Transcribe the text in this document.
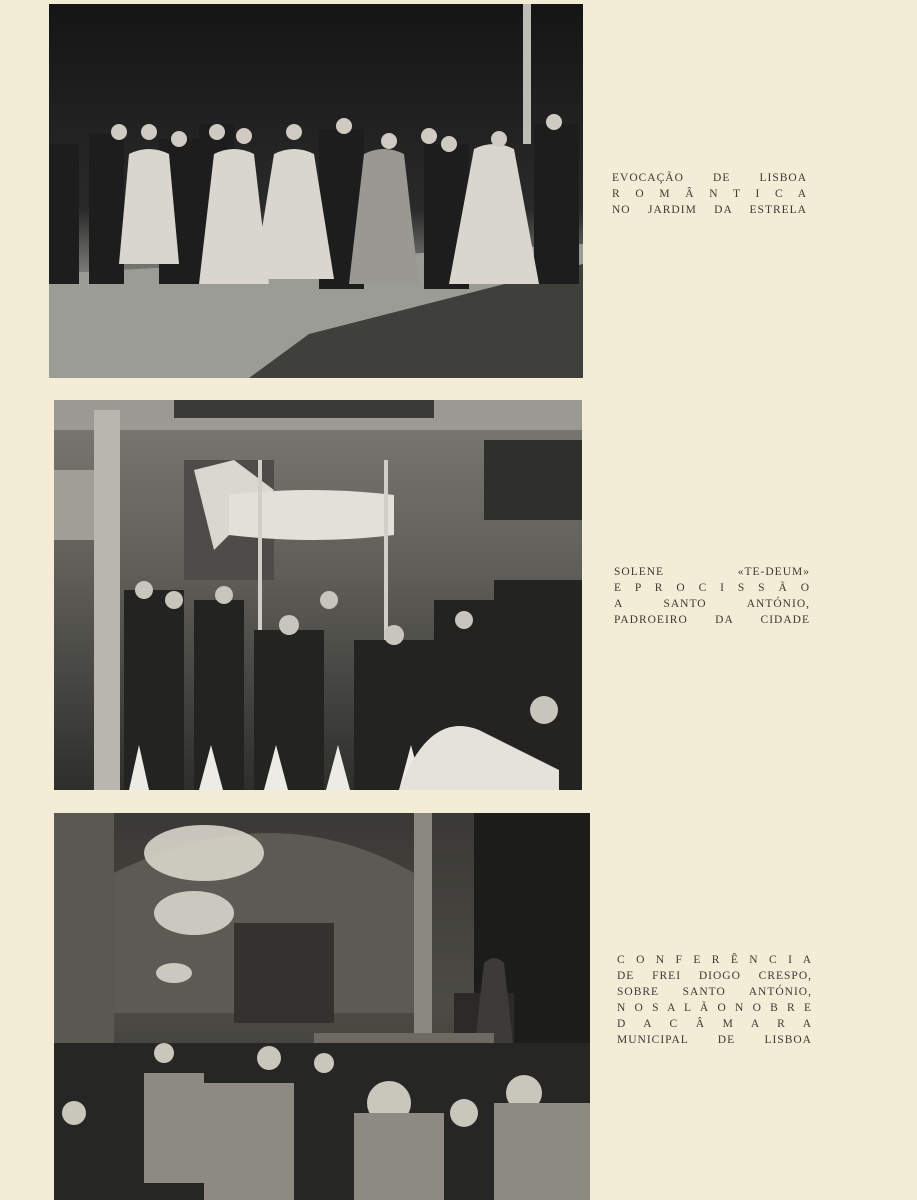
EVOCAÇÃO DE LISBOA
R O M Â N T I C A
NO JARDIM DA ESTRELA
SOLENE «TE-DEUM»
E P R O C I S S Ã O
A SANTO ANTÓNIO,
PADROEIRO DA CIDADE
C O N F E R Ê N C I A
DE FREI DIOGO CRESPO,
SOBRE SANTO ANTÓNIO,
N O S A L Ã O N O B R E
D A C Â M A R A
MUNICIPAL DE LISBOA
